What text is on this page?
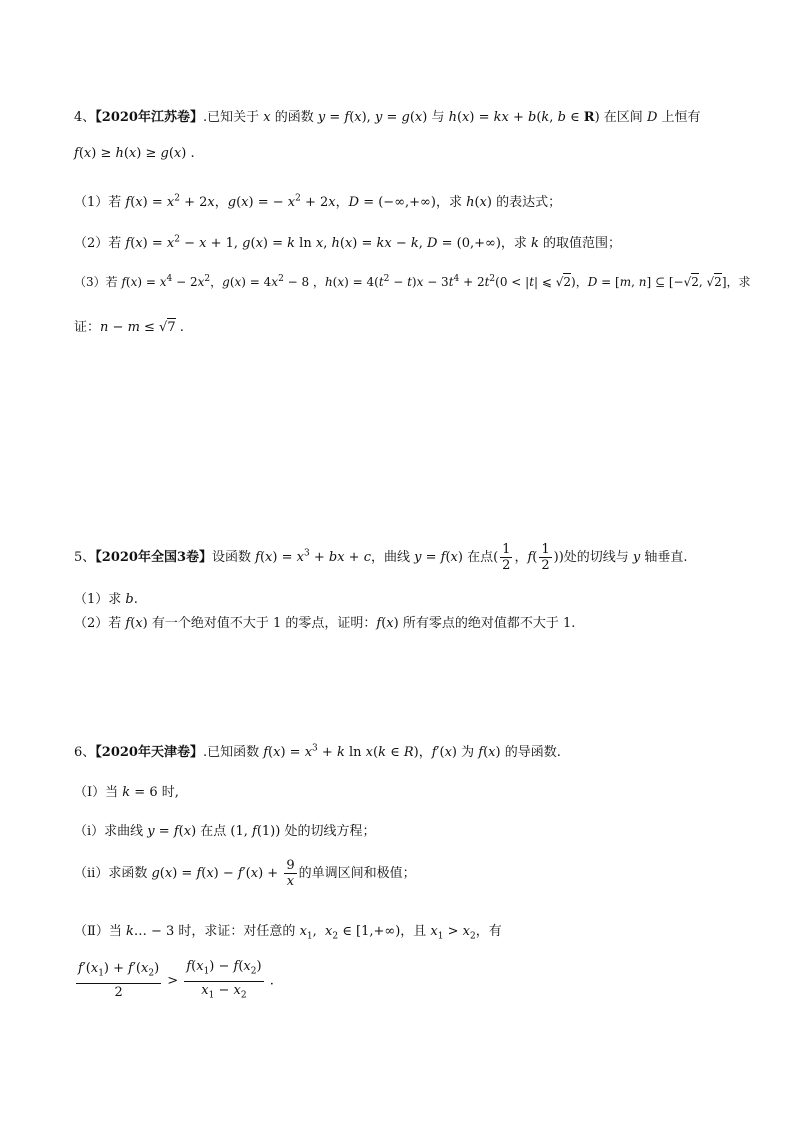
4、【2020年江苏卷】.已知关于 x 的函数 y = f(x), y = g(x) 与 h(x) = kx + b(k, b ∈ R) 在区间 D 上恒有
f(x) ≥ h(x) ≥ g(x) .
（1）若 $f(x) = x^2 + 2x$，g(x) = − $x^2 + 2x$，D = (−∞,+∞)，求 h(x) 的表达式；
（2）若 $f(x) = x^2 - x + 1$, g(x) = k ln x, h(x) = kx − k, D = (0,+∞)，求 k 的取值范围；
（3）若 $f(x) = x^4 - 2x^2$，$g(x) = 4x^2 - 8$ ，$h(x) = 4(t^2 - t)x - 3t^4 + 2t^2(0 < |t|$ ⩽ √2)，D = [m, n] ⊆ [−√2, √2]，求
证：n − m ≤ √7 .
5、【2020年全国3卷】设函数 $f(x) = x^3$ + bx + c，曲线 y = f(x) 在点( $\frac{1}{2}$ ，$f( \frac{1}{2}$ ))处的切线与 y 轴垂直.
（1）求 b.
（2）若 f(x) 有一个绝对值不大于 1 的零点，证明：f(x) 所有零点的绝对值都不大于 1.
6、【2020年天津卷】.已知函数 $f(x) = x^3 + k$ ln x(k ∈ R)，f′(x) 为 f(x) 的导函数.
（Ⅰ）当 k = 6 时,
（i）求曲线 y = f(x) 在点 (1, f(1)) 处的切线方程；
（ii）求函数 $g(x) = f(x) - f'(x) + \frac{9}{x}$ 的单调区间和极值；
（Ⅱ）当 k… − 3 时，求证：对任意的 $x_1$,  $x_2$ ∈ [1,+∞)，且 $x_1 > x_2$，有
$\frac{f'(x_1) + f'(x_2)}{2} > \frac{f(x_1) - f(x_2)}{x_1 - x_2}$ .
